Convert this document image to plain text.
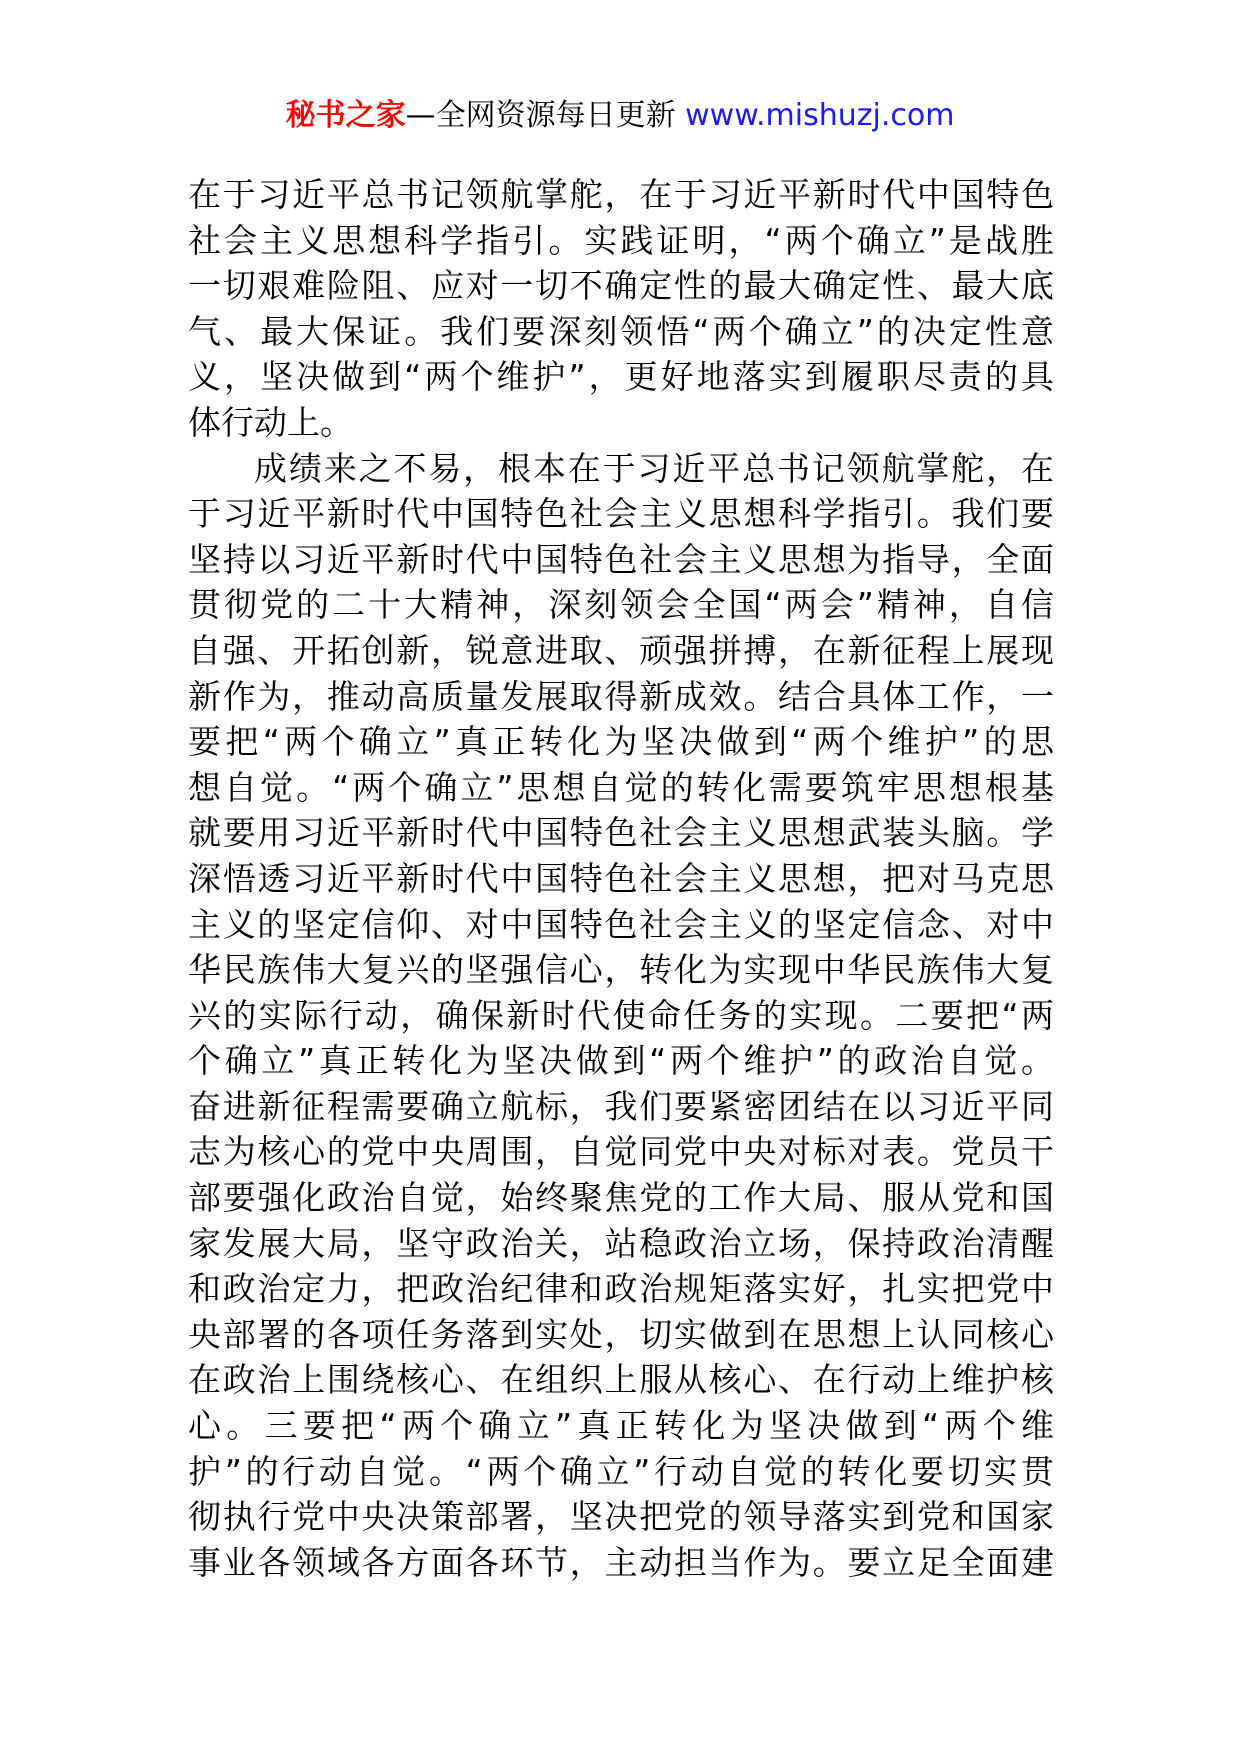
秘书之家—全网资源每日更新 www.mishuzj.com
在于习近平总书记领航掌舵，在于习近平新时代中国特色
社会主义思想科学指引。实践证明，“两个确立”是战胜
一切艰难险阻、应对一切不确定性的最大确定性、最大底
气、最大保证。我们要深刻领悟“两个确立”的决定性意
义，坚决做到“两个维护”，更好地落实到履职尽责的具
体行动上。
成绩来之不易，根本在于习近平总书记领航掌舵，在
于习近平新时代中国特色社会主义思想科学指引。我们要
坚持以习近平新时代中国特色社会主义思想为指导，全面
贯彻党的二十大精神，深刻领会全国“两会”精神，自信
自强、开拓创新，锐意进取、顽强拼搏，在新征程上展现
新作为，推动高质量发展取得新成效。结合具体工作，一
要把“两个确立”真正转化为坚决做到“两个维护”的思
想自觉。“两个确立”思想自觉的转化需要筑牢思想根基
就要用习近平新时代中国特色社会主义思想武装头脑。学
深悟透习近平新时代中国特色社会主义思想，把对马克思
主义的坚定信仰、对中国特色社会主义的坚定信念、对中
华民族伟大复兴的坚强信心，转化为实现中华民族伟大复
兴的实际行动，确保新时代使命任务的实现。二要把“两
个确立”真正转化为坚决做到“两个维护”的政治自觉。
奋进新征程需要确立航标，我们要紧密团结在以习近平同
志为核心的党中央周围，自觉同党中央对标对表。党员干
部要强化政治自觉，始终聚焦党的工作大局、服从党和国
家发展大局，坚守政治关，站稳政治立场，保持政治清醒
和政治定力，把政治纪律和政治规矩落实好，扎实把党中
央部署的各项任务落到实处，切实做到在思想上认同核心
在政治上围绕核心、在组织上服从核心、在行动上维护核
心。三要把“两个确立”真正转化为坚决做到“两个维
护”的行动自觉。“两个确立”行动自觉的转化要切实贯
彻执行党中央决策部署，坚决把党的领导落实到党和国家
事业各领域各方面各环节，主动担当作为。要立足全面建
